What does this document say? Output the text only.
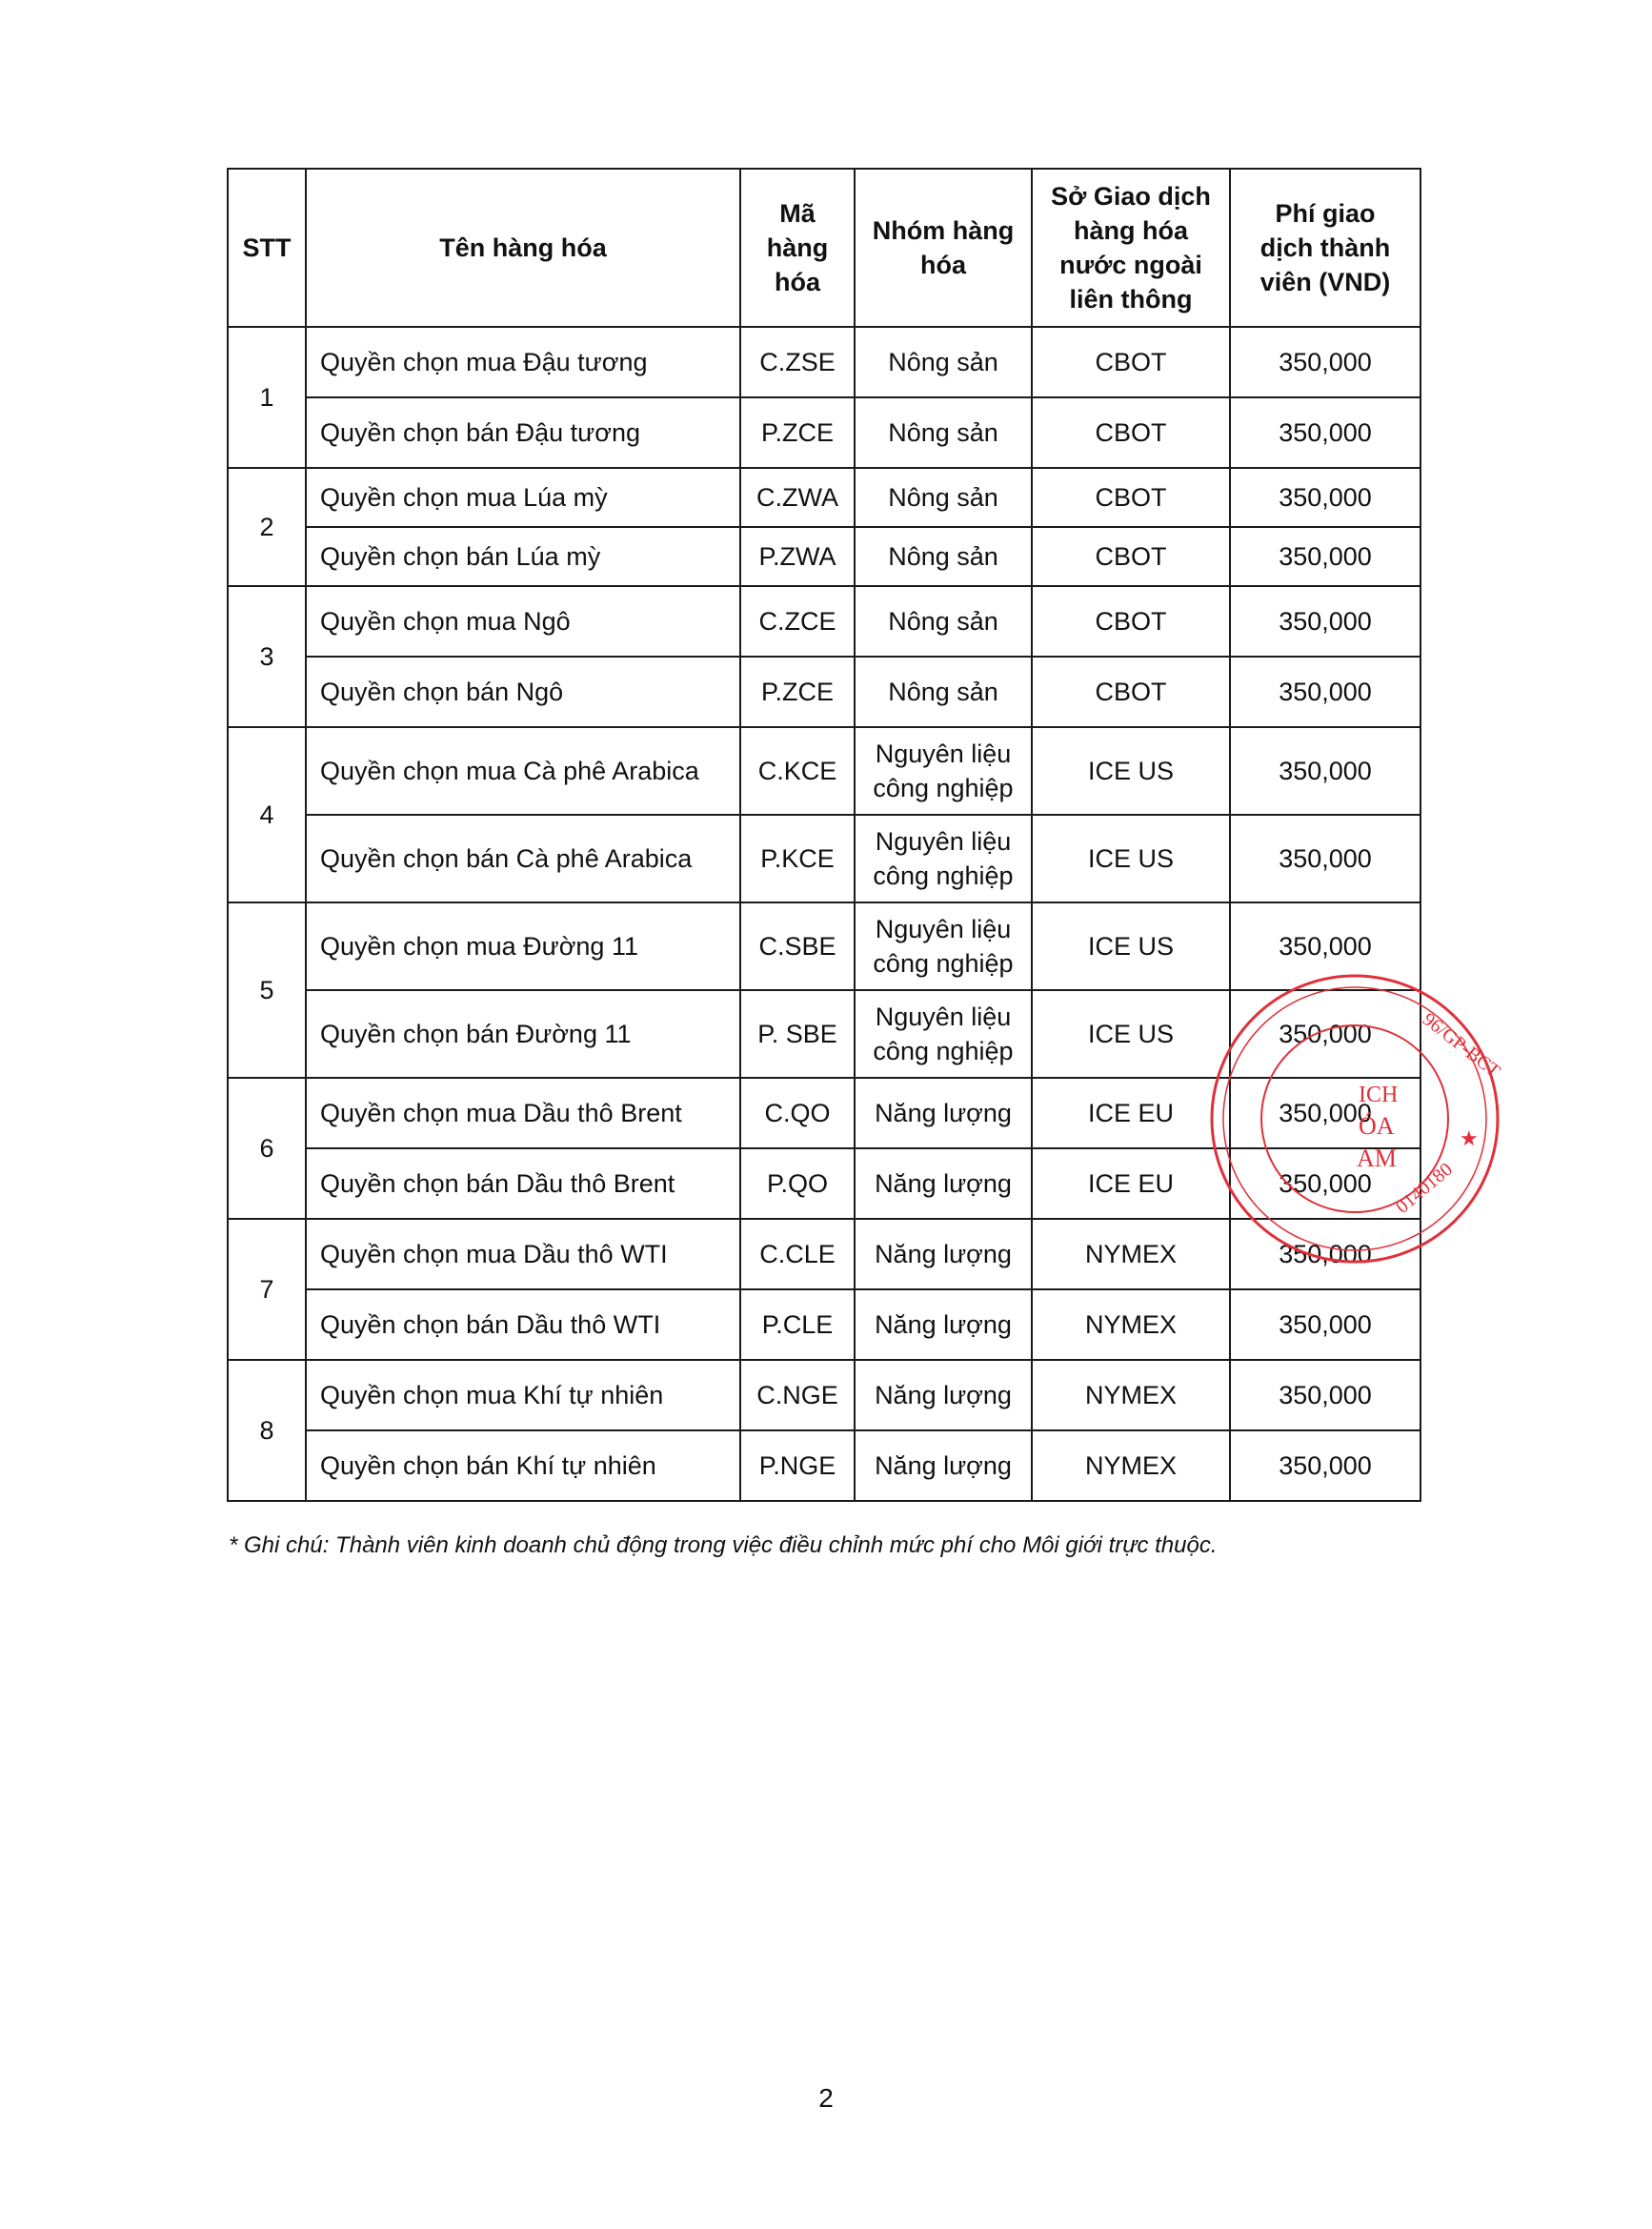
STT	Tên hàng hóa	Mã hàng hóa	Nhóm hàng hóa	Sở Giao dịch hàng hóa nước ngoài liên thông	Phí giao dịch thành viên (VND)
1	Quyền chọn mua Đậu tương	C.ZSE	Nông sản	CBOT	350,000
	Quyền chọn bán Đậu tương	P.ZCE	Nông sản	CBOT	350,000
2	Quyền chọn mua Lúa mỳ	C.ZWA	Nông sản	CBOT	350,000
	Quyền chọn bán Lúa mỳ	P.ZWA	Nông sản	CBOT	350,000
3	Quyền chọn mua Ngô	C.ZCE	Nông sản	CBOT	350,000
	Quyền chọn bán Ngô	P.ZCE	Nông sản	CBOT	350,000
4	Quyền chọn mua Cà phê Arabica	C.KCE	Nguyên liệu công nghiệp	ICE US	350,000
	Quyền chọn bán Cà phê Arabica	P.KCE	Nguyên liệu công nghiệp	ICE US	350,000
5	Quyền chọn mua Đường 11	C.SBE	Nguyên liệu công nghiệp	ICE US	350,000
	Quyền chọn bán Đường 11	P. SBE	Nguyên liệu công nghiệp	ICE US	350,000
6	Quyền chọn mua Dầu thô Brent	C.QO	Năng lượng	ICE EU	350,000
	Quyền chọn bán Dầu thô Brent	P.QO	Năng lượng	ICE EU	350,000
7	Quyền chọn mua Dầu thô WTI	C.CLE	Năng lượng	NYMEX	350,000
	Quyền chọn bán Dầu thô WTI	P.CLE	Năng lượng	NYMEX	350,000
8	Quyền chọn mua Khí tự nhiên	C.NGE	Năng lượng	NYMEX	350,000
	Quyền chọn bán Khí tự nhiên	P.NGE	Năng lượng	NYMEX	350,000
* Ghi chú: Thành viên kinh doanh chủ động trong việc điều chỉnh mức phí cho Môi giới trực thuộc.
96/GP-BCT
ICH
ÓA
AM
★
0140180
2
